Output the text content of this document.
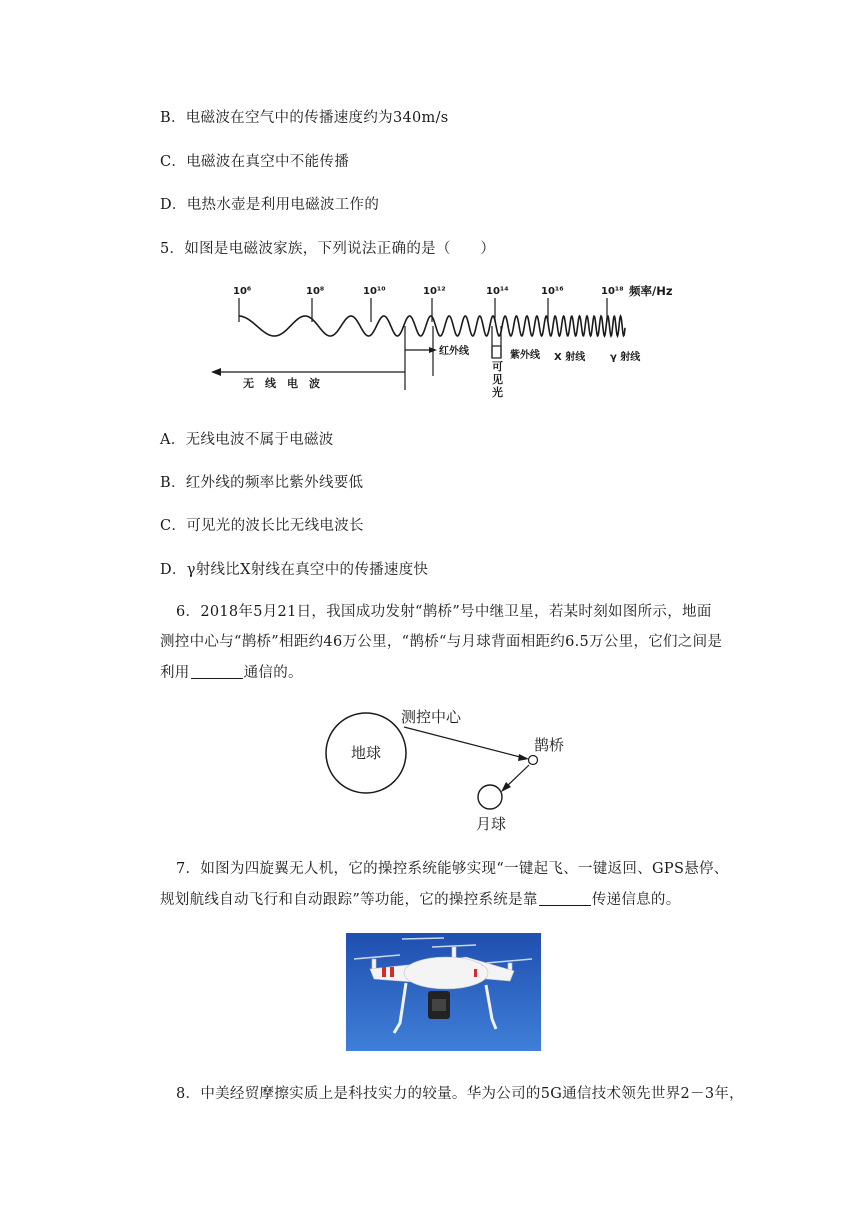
B．电磁波在空气中的传播速度约为340m/s
C．电磁波在真空中不能传播
D．电热水壶是利用电磁波工作的
5．如图是电磁波家族，下列说法正确的是（　　）
10⁶	10⁸	10¹⁰	10¹²	10¹⁴	10¹⁶	10¹⁸ 频率/Hz
无　线　电　波
红外线
可
见
光
紫外线 X 射线 γ 射线
A．无线电波不属于电磁波
B．红外线的频率比紫外线要低
C．可见光的波长比无线电波长
D．γ射线比X射线在真空中的传播速度快
6．2018年5月21日，我国成功发射“鹊桥”号中继卫星，若某时刻如图所示，地面
测控中心与“鹊桥”相距约46万公里，“鹊桥“与月球背面相距约6.5万公里，它们之间是
利用	通信的。
地球
测控中心
鹊桥
月球
7．如图为四旋翼无人机，它的操控系统能够实现“一键起飞、一键返回、GPS悬停、
规划航线自动飞行和自动跟踪”等功能，它的操控系统是靠	传递信息的。
8．中美经贸摩擦实质上是科技实力的较量。华为公司的5G通信技术领先世界2－3年，
